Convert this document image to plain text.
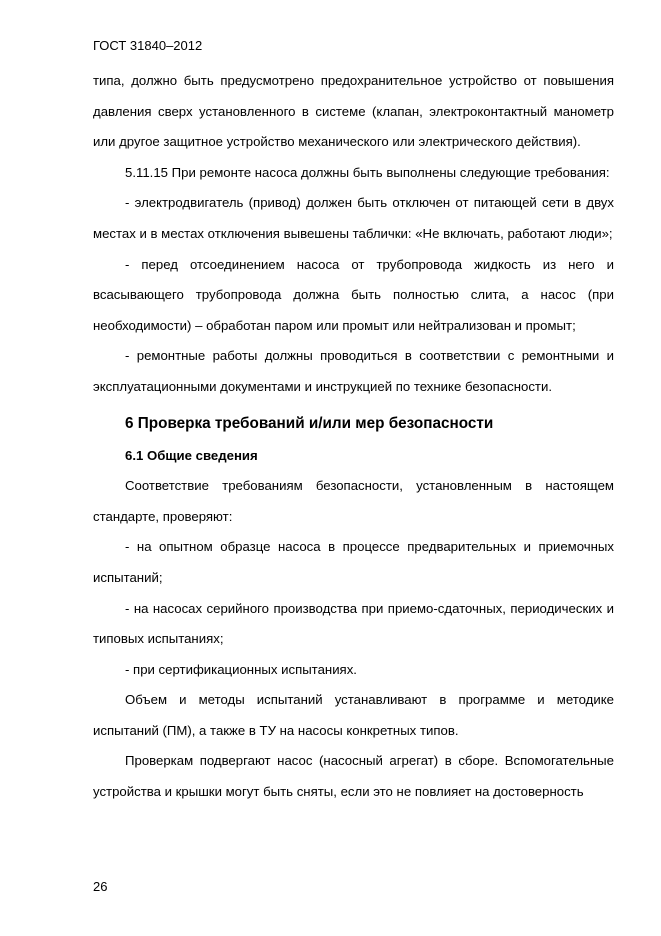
ГОСТ 31840–2012

типа, должно быть предусмотрено предохранительное устройство от повышения давления сверх установленного в системе (клапан, электроконтактный манометр или другое защитное устройство механического или электрического действия).

5.11.15 При ремонте насоса должны быть выполнены следующие требования:

- электродвигатель (привод) должен быть отключен от питающей сети в двух местах и в местах отключения вывешены таблички: «Не включать, работают люди»;

- перед отсоединением насоса от трубопровода жидкость из него и всасывающего трубопровода должна быть полностью слита, а насос (при необходимости) – обработан паром или промыт или нейтрализован и промыт;

- ремонтные работы должны проводиться в соответствии с ремонтными и эксплуатационными документами и инструкцией по технике безопасности.

6 Проверка требований и/или мер безопасности
6.1 Общие сведения

Соответствие требованиям безопасности, установленным в настоящем стандарте, проверяют:

- на опытном образце насоса в процессе предварительных и приемочных испытаний;

- на насосах серийного производства при приемо-сдаточных, периодических и типовых испытаниях;

- при сертификационных испытаниях.

Объем и методы испытаний устанавливают в программе и методике испытаний (ПМ), а также в ТУ на насосы конкретных типов.

Проверкам подвергают насос (насосный агрегат) в сборе. Вспомогательные устройства и крышки могут быть сняты, если это не повлияет на достоверность

26
